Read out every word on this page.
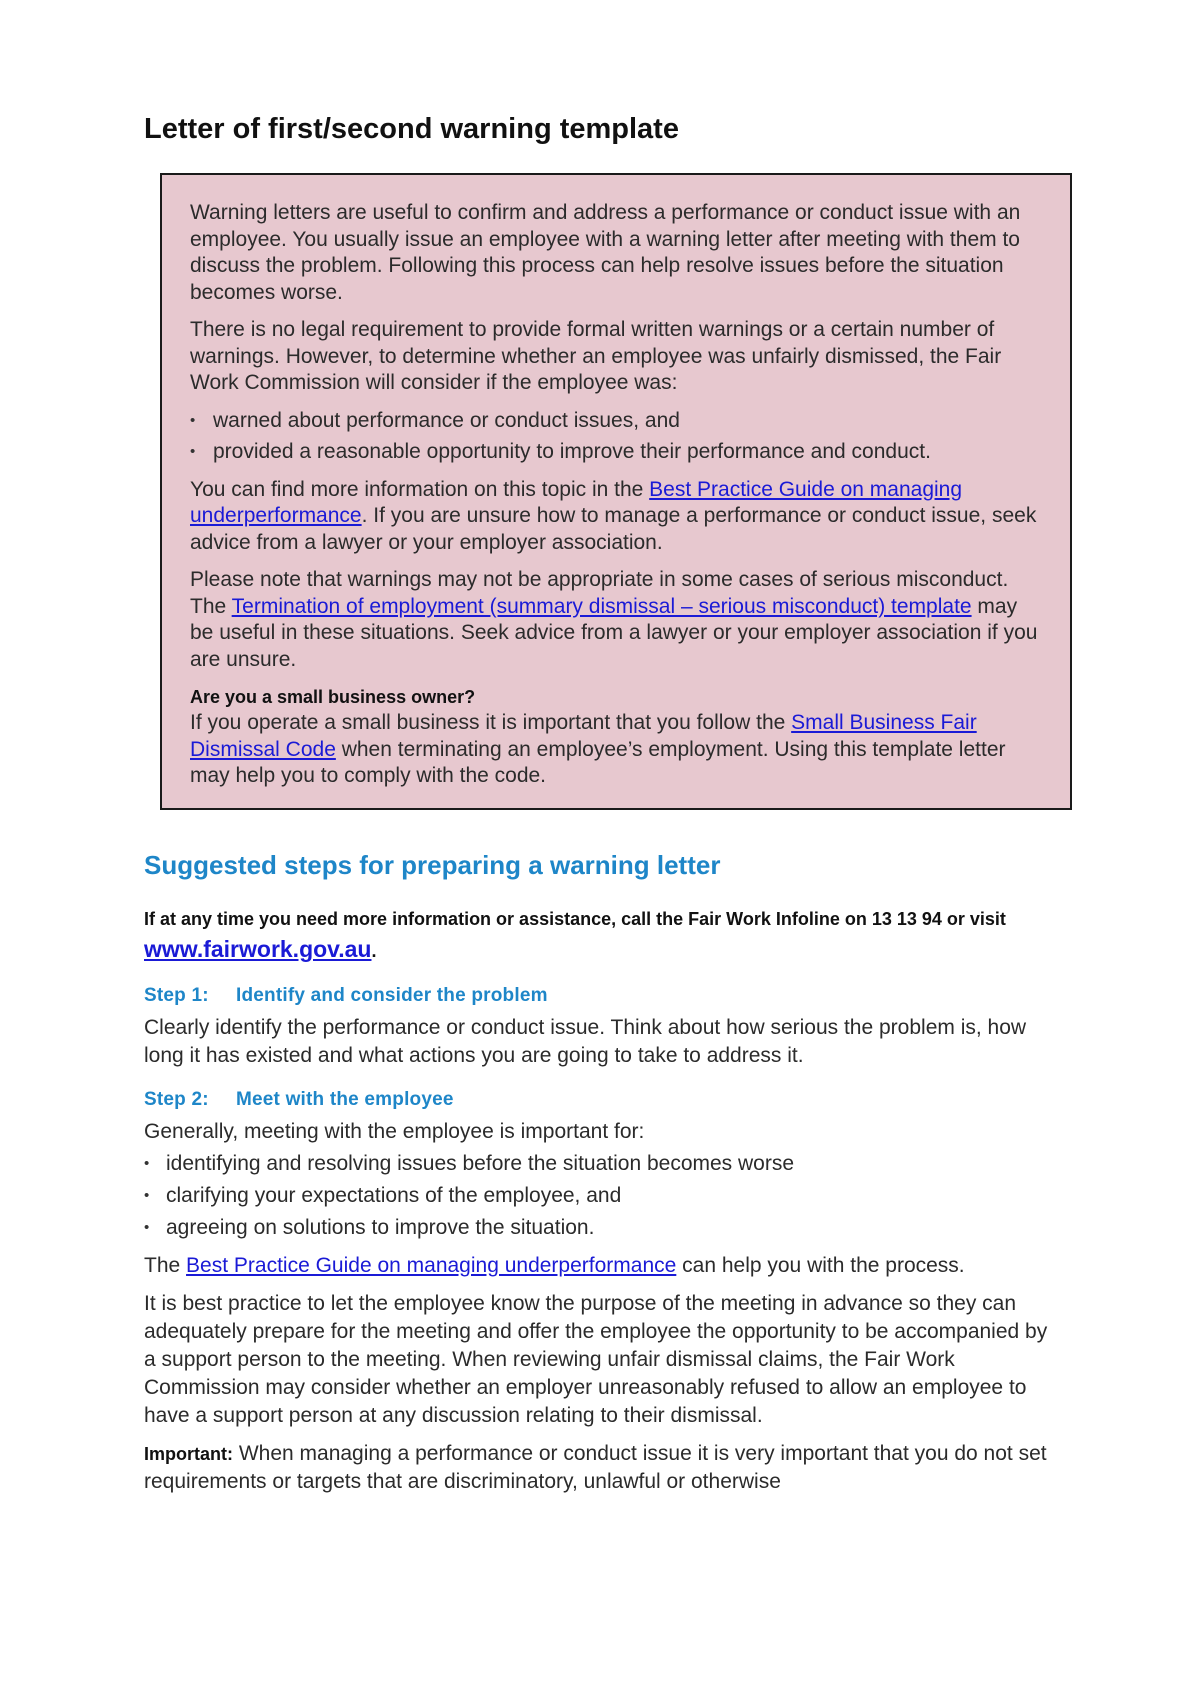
Letter of first/second warning template

Warning letters are useful to confirm and address a performance or conduct issue with an employee. You usually issue an employee with a warning letter after meeting with them to discuss the problem. Following this process can help resolve issues before the situation becomes worse.

There is no legal requirement to provide formal written warnings or a certain number of warnings. However, to determine whether an employee was unfairly dismissed, the Fair Work Commission will consider if the employee was:

• warned about performance or conduct issues, and
• provided a reasonable opportunity to improve their performance and conduct.

You can find more information on this topic in the Best Practice Guide on managing underperformance. If you are unsure how to manage a performance or conduct issue, seek advice from a lawyer or your employer association.

Please note that warnings may not be appropriate in some cases of serious misconduct. The Termination of employment (summary dismissal – serious misconduct) template may be useful in these situations. Seek advice from a lawyer or your employer association if you are unsure.

Are you a small business owner?

If you operate a small business it is important that you follow the Small Business Fair Dismissal Code when terminating an employee’s employment. Using this template letter may help you to comply with the code.

Suggested steps for preparing a warning letter

If at any time you need more information or assistance, call the Fair Work Infoline on 13 13 94 or visit www.fairwork.gov.au.

Step 1: Identify and consider the problem

Clearly identify the performance or conduct issue. Think about how serious the problem is, how long it has existed and what actions you are going to take to address it.

Step 2: Meet with the employee

Generally, meeting with the employee is important for:

• identifying and resolving issues before the situation becomes worse
• clarifying your expectations of the employee, and
• agreeing on solutions to improve the situation.

The Best Practice Guide on managing underperformance can help you with the process.

It is best practice to let the employee know the purpose of the meeting in advance so they can adequately prepare for the meeting and offer the employee the opportunity to be accompanied by a support person to the meeting. When reviewing unfair dismissal claims, the Fair Work Commission may consider whether an employer unreasonably refused to allow an employee to have a support person at any discussion relating to their dismissal.

Important: When managing a performance or conduct issue it is very important that you do not set requirements or targets that are discriminatory, unlawful or otherwise
